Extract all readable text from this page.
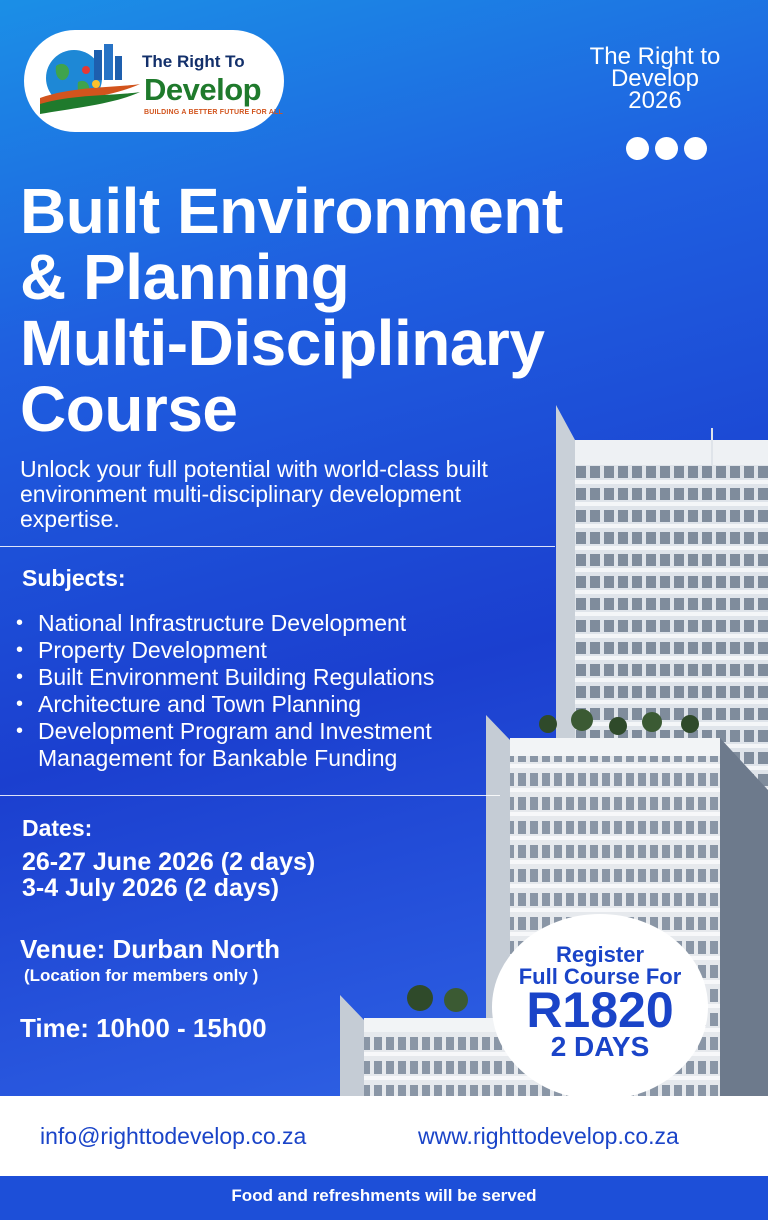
The Right To
Develop
BUILDING A BETTER FUTURE FOR ALL
The Right to
Develop
2026
Built Environment
& Planning
Multi-Disciplinary
Course
Unlock your full potential with world-class built environment multi-disciplinary development expertise.
Subjects:
• National Infrastructure Development
• Property Development
• Built Environment Building Regulations
• Architecture and Town Planning
• Development Program and Investment Management for Bankable Funding
Dates:
26-27 June 2026 (2 days)
3-4 July 2026 (2 days)
Venue: Durban North
(Location for members only )
Time: 10h00 - 15h00
Register
Full Course For
R1820
2 DAYS
info@righttodevelop.co.za	www.righttodevelop.co.za
Food and refreshments will be served
